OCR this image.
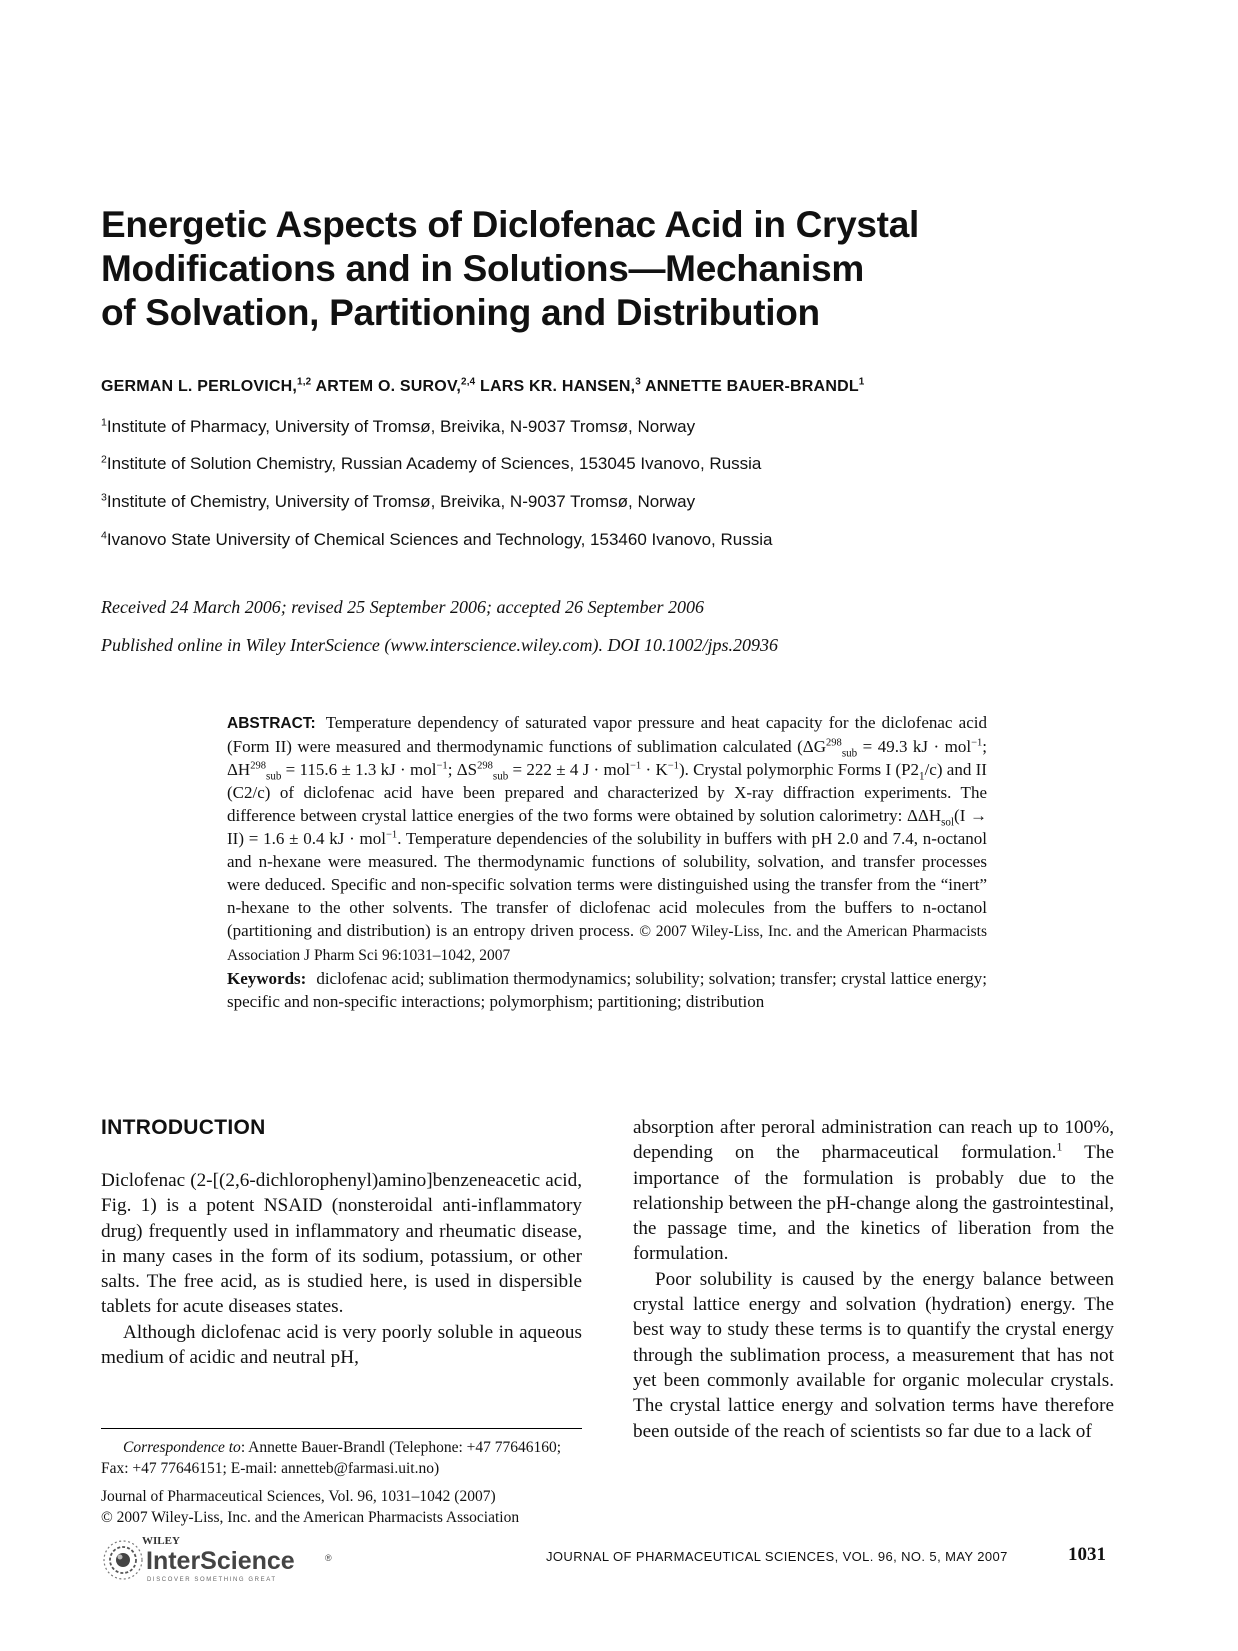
Energetic Aspects of Diclofenac Acid in Crystal
Modifications and in Solutions—Mechanism
of Solvation, Partitioning and Distribution
GERMAN L. PERLOVICH,$^{1,2}$ ARTEM O. SUROV,$^{2,4}$ LARS KR. HANSEN,$^3$ ANNETTE BAUER-BRANDL$^1$
$^1$Institute of Pharmacy, University of Tromsø, Breivika, N-9037 Tromsø, Norway
$^2$Institute of Solution Chemistry, Russian Academy of Sciences, 153045 Ivanovo, Russia
$^3$Institute of Chemistry, University of Tromsø, Breivika, N-9037 Tromsø, Norway
$^4$Ivanovo State University of Chemical Sciences and Technology, 153460 Ivanovo, Russia
Received 24 March 2006; revised 25 September 2006; accepted 26 September 2006
Published online in Wiley InterScience (www.interscience.wiley.com). DOI 10.1002/jps.20936

ABSTRACT: Temperature dependency of saturated vapor pressure and heat capacity for the diclofenac acid (Form II) were measured and thermodynamic functions of sublimation calculated ($\Delta G^{298}_{sub} = 49.3$ kJ · mol$^{-1}$; $\Delta H^{298}_{sub} = 115.6 \pm 1.3$ kJ · mol$^{-1}$; $\Delta S^{298}_{sub} = 222 \pm 4$ $J \cdot mol^{-1} \cdot K^{-1}$). Crystal polymorphic Forms I $(P2_1/c)$ and II (C2/c) of diclofenac acid have been prepared and characterized by X-ray diffraction experiments. The difference between crystal lattice energies of the two forms were obtained by solution calorimetry: $\Delta\Delta H_{sol}(I \to II) = 1.6 \pm 0.4$ kJ · mol$^{-1}$. Temperature dependencies of the solubility in buffers with pH 2.0 and 7.4, n-octanol and n-hexane were measured. The thermodynamic functions of solubility, solvation, and transfer processes were deduced. Specific and non-specific solvation terms were distinguished using the transfer from the “inert” n-hexane to the other solvents. The transfer of diclofenac acid molecules from the buffers to n-octanol (partitioning and distribution) is an entropy driven process. © 2007 Wiley-Liss, Inc. and the American Pharmacists Association J Pharm Sci 96:1031–1042, 2007

Keywords: diclofenac acid; sublimation thermodynamics; solubility; solvation; transfer; crystal lattice energy; specific and non-specific interactions; polymorphism; partitioning; distribution

INTRODUCTION

Diclofenac (2-[(2,6-dichlorophenyl)amino]benzeneacetic acid, Fig. 1) is a potent NSAID (nonsteroidal anti-inflammatory drug) frequently used in inflammatory and rheumatic disease, in many cases in the form of its sodium, potassium, or other salts. The free acid, as is studied here, is used in dispersible tablets for acute diseases states.

Although diclofenac acid is very poorly soluble in aqueous medium of acidic and neutral pH,

Correspondence to: Annette Bauer-Brandl (Telephone: +47 77646160; Fax: +47 77646151; E-mail: annetteb@farmasi.uit.no)

Journal of Pharmaceutical Sciences, Vol. 96, 1031–1042 (2007)

© 2007 Wiley-Liss, Inc. and the American Pharmacists Association

absorption after peroral administration can reach up to 100%, depending on the pharmaceutical formulation.$^1$ The importance of the formulation is probably due to the relationship between the pH-change along the gastrointestinal, the passage time, and the kinetics of liberation from the formulation.

Poor solubility is caused by the energy balance between crystal lattice energy and solvation (hydration) energy. The best way to study these terms is to quantify the crystal energy through the sublimation process, a measurement that has not yet been commonly available for organic molecular crystals. The crystal lattice energy and solvation terms have therefore been outside of the reach of scientists so far due to a lack of

WILEY
InterScience	®
DISCOVER SOMETHING GREAT
JOURNAL OF PHARMACEUTICAL SCIENCES, VOL. 96, NO. 5, MAY 2007	1031
